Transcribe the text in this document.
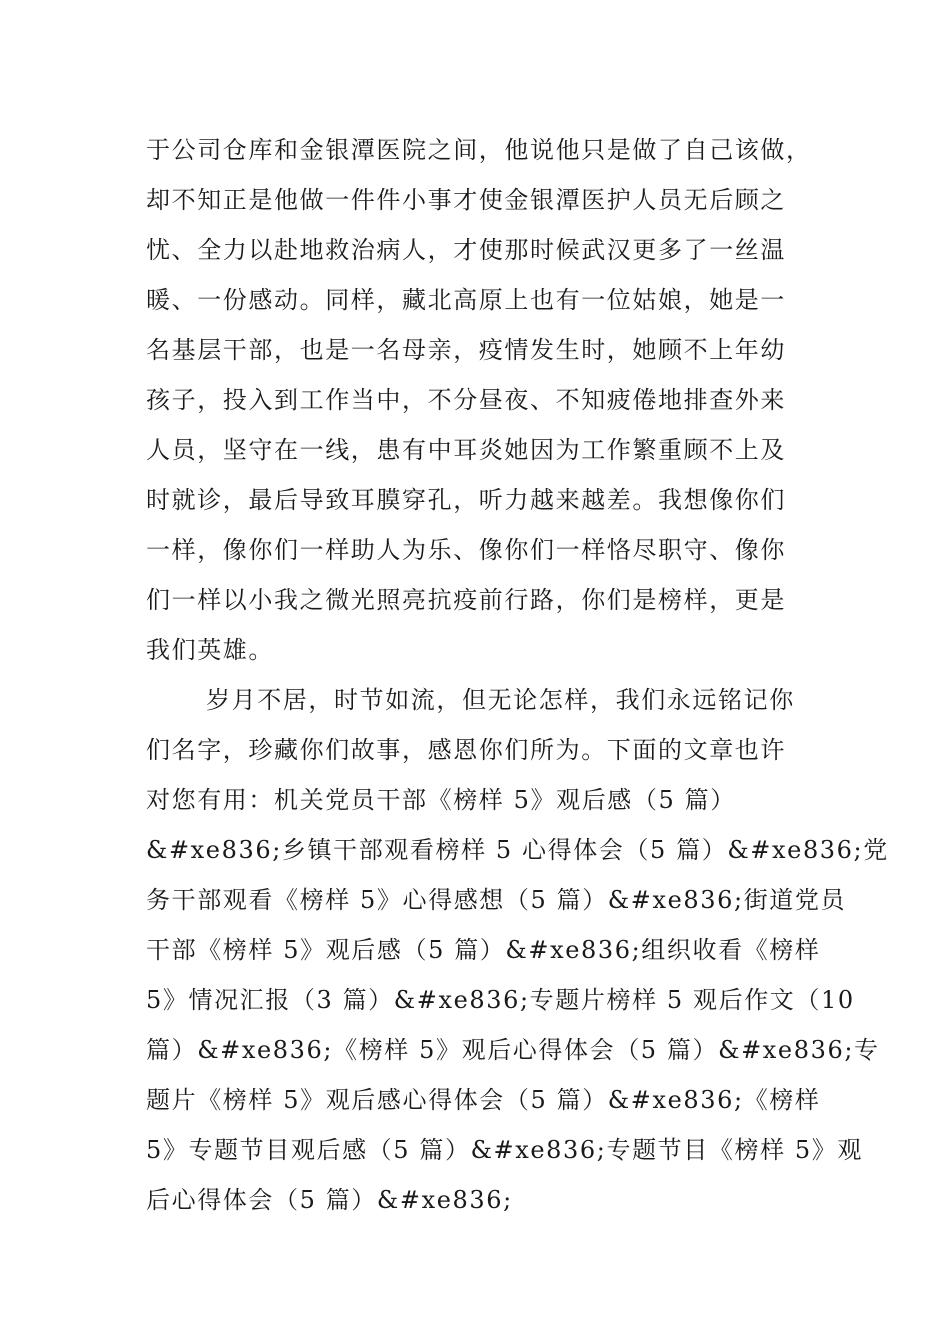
于公司仓库和金银潭医院之间，他说他只是做了自己该做，
却不知正是他做一件件小事才使金银潭医护人员无后顾之
忧、全力以赴地救治病人，才使那时候武汉更多了一丝温
暖、一份感动。同样，藏北高原上也有一位姑娘，她是一
名基层干部，也是一名母亲，疫情发生时，她顾不上年幼
孩子，投入到工作当中，不分昼夜、不知疲倦地排查外来
人员，坚守在一线，患有中耳炎她因为工作繁重顾不上及
时就诊，最后导致耳膜穿孔，听力越来越差。我想像你们
一样，像你们一样助人为乐、像你们一样恪尽职守、像你
们一样以小我之微光照亮抗疫前行路，你们是榜样，更是
我们英雄。
岁月不居，时节如流，但无论怎样，我们永远铭记你
们名字，珍藏你们故事，感恩你们所为。下面的文章也许
对您有用：机关党员干部《榜样 5》观后感（5 篇）
&#xe836;乡镇干部观看榜样 5 心得体会（5 篇）&#xe836;党
务干部观看《榜样 5》心得感想（5 篇）&#xe836;街道党员
干部《榜样 5》观后感（5 篇）&#xe836;组织收看《榜样
5》情况汇报（3 篇）&#xe836;专题片榜样 5 观后作文（10
篇）&#xe836;《榜样 5》观后心得体会（5 篇）&#xe836;专
题片《榜样 5》观后感心得体会（5 篇）&#xe836;《榜样
5》专题节目观后感（5 篇）&#xe836;专题节目《榜样 5》观
后心得体会（5 篇）&#xe836;
